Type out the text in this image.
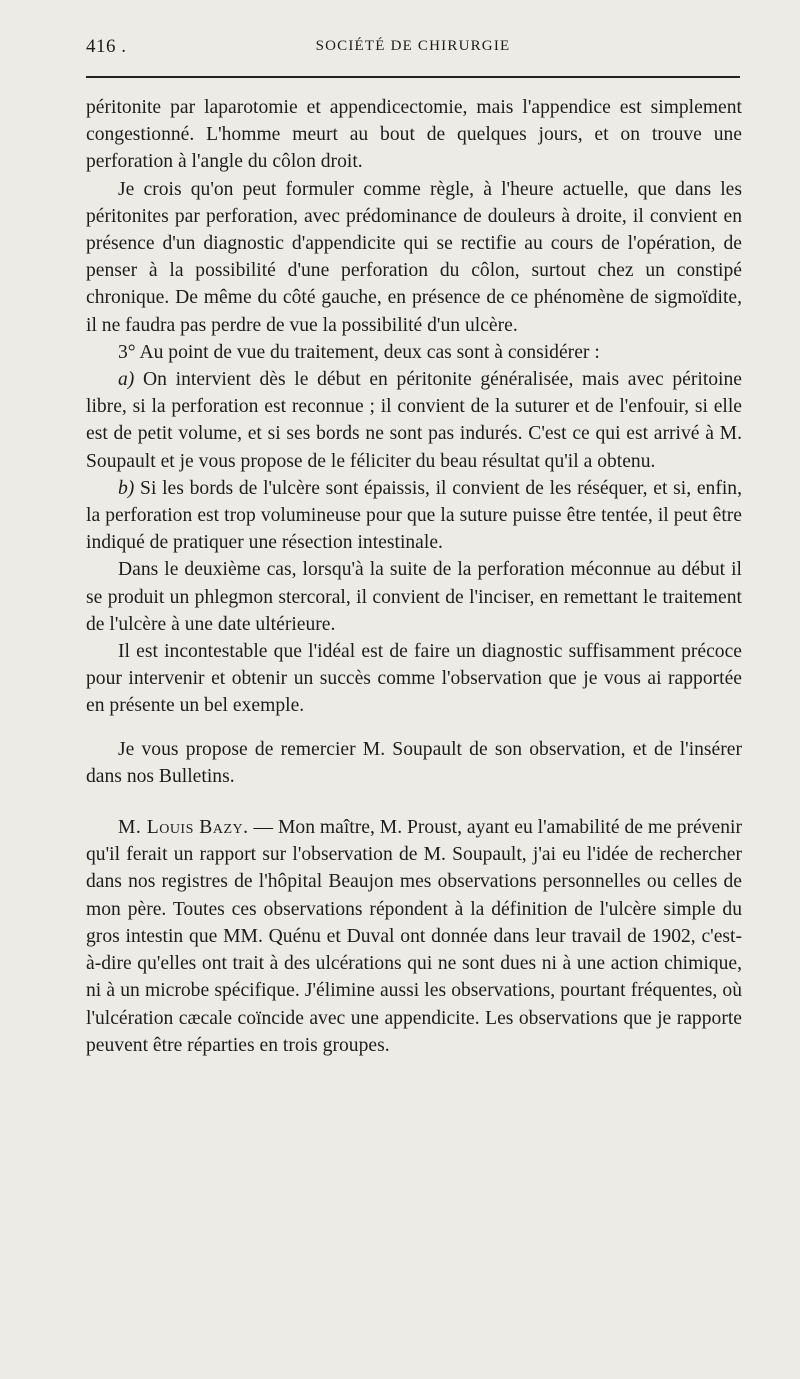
416 .	SOCIÉTÉ DE CHIRURGIE

péritonite par laparotomie et appendicectomie, mais l'appendice est simplement congestionné. L'homme meurt au bout de quelques jours, et on trouve une perforation à l'angle du côlon droit.

Je crois qu'on peut formuler comme règle, à l'heure actuelle, que dans les péritonites par perforation, avec prédominance de douleurs à droite, il convient en présence d'un diagnostic d'appendicite qui se rectifie au cours de l'opération, de penser à la possibilité d'une perforation du côlon, surtout chez un constipé chronique. De même du côté gauche, en présence de ce phénomène de sigmoïdite, il ne faudra pas perdre de vue la possibilité d'un ulcère.

3° Au point de vue du traitement, deux cas sont à considérer :

a) On intervient dès le début en péritonite généralisée, mais avec péritoine libre, si la perforation est reconnue ; il convient de la suturer et de l'enfouir, si elle est de petit volume, et si ses bords ne sont pas indurés. C'est ce qui est arrivé à M. Soupault et je vous propose de le féliciter du beau résultat qu'il a obtenu.

b) Si les bords de l'ulcère sont épaissis, il convient de les réséquer, et si, enfin, la perforation est trop volumineuse pour que la suture puisse être tentée, il peut être indiqué de pratiquer une résection intestinale.

Dans le deuxième cas, lorsqu'à la suite de la perforation méconnue au début il se produit un phlegmon stercoral, il convient de l'inciser, en remettant le traitement de l'ulcère à une date ultérieure.

Il est incontestable que l'idéal est de faire un diagnostic suffisamment précoce pour intervenir et obtenir un succès comme l'observation que je vous ai rapportée en présente un bel exemple.

Je vous propose de remercier M. Soupault de son observation, et de l'insérer dans nos Bulletins.

M. Louis Bazy. — Mon maître, M. Proust, ayant eu l'amabilité de me prévenir qu'il ferait un rapport sur l'observation de M. Soupault, j'ai eu l'idée de rechercher dans nos registres de l'hôpital Beaujon mes observations personnelles ou celles de mon père. Toutes ces observations répondent à la définition de l'ulcère simple du gros intestin que MM. Quénu et Duval ont donnée dans leur travail de 1902, c'est-à-dire qu'elles ont trait à des ulcérations qui ne sont dues ni à une action chimique, ni à un microbe spécifique. J'élimine aussi les observations, pourtant fréquentes, où l'ulcération cæcale coïncide avec une appendicite. Les observations que je rapporte peuvent être réparties en trois groupes.
